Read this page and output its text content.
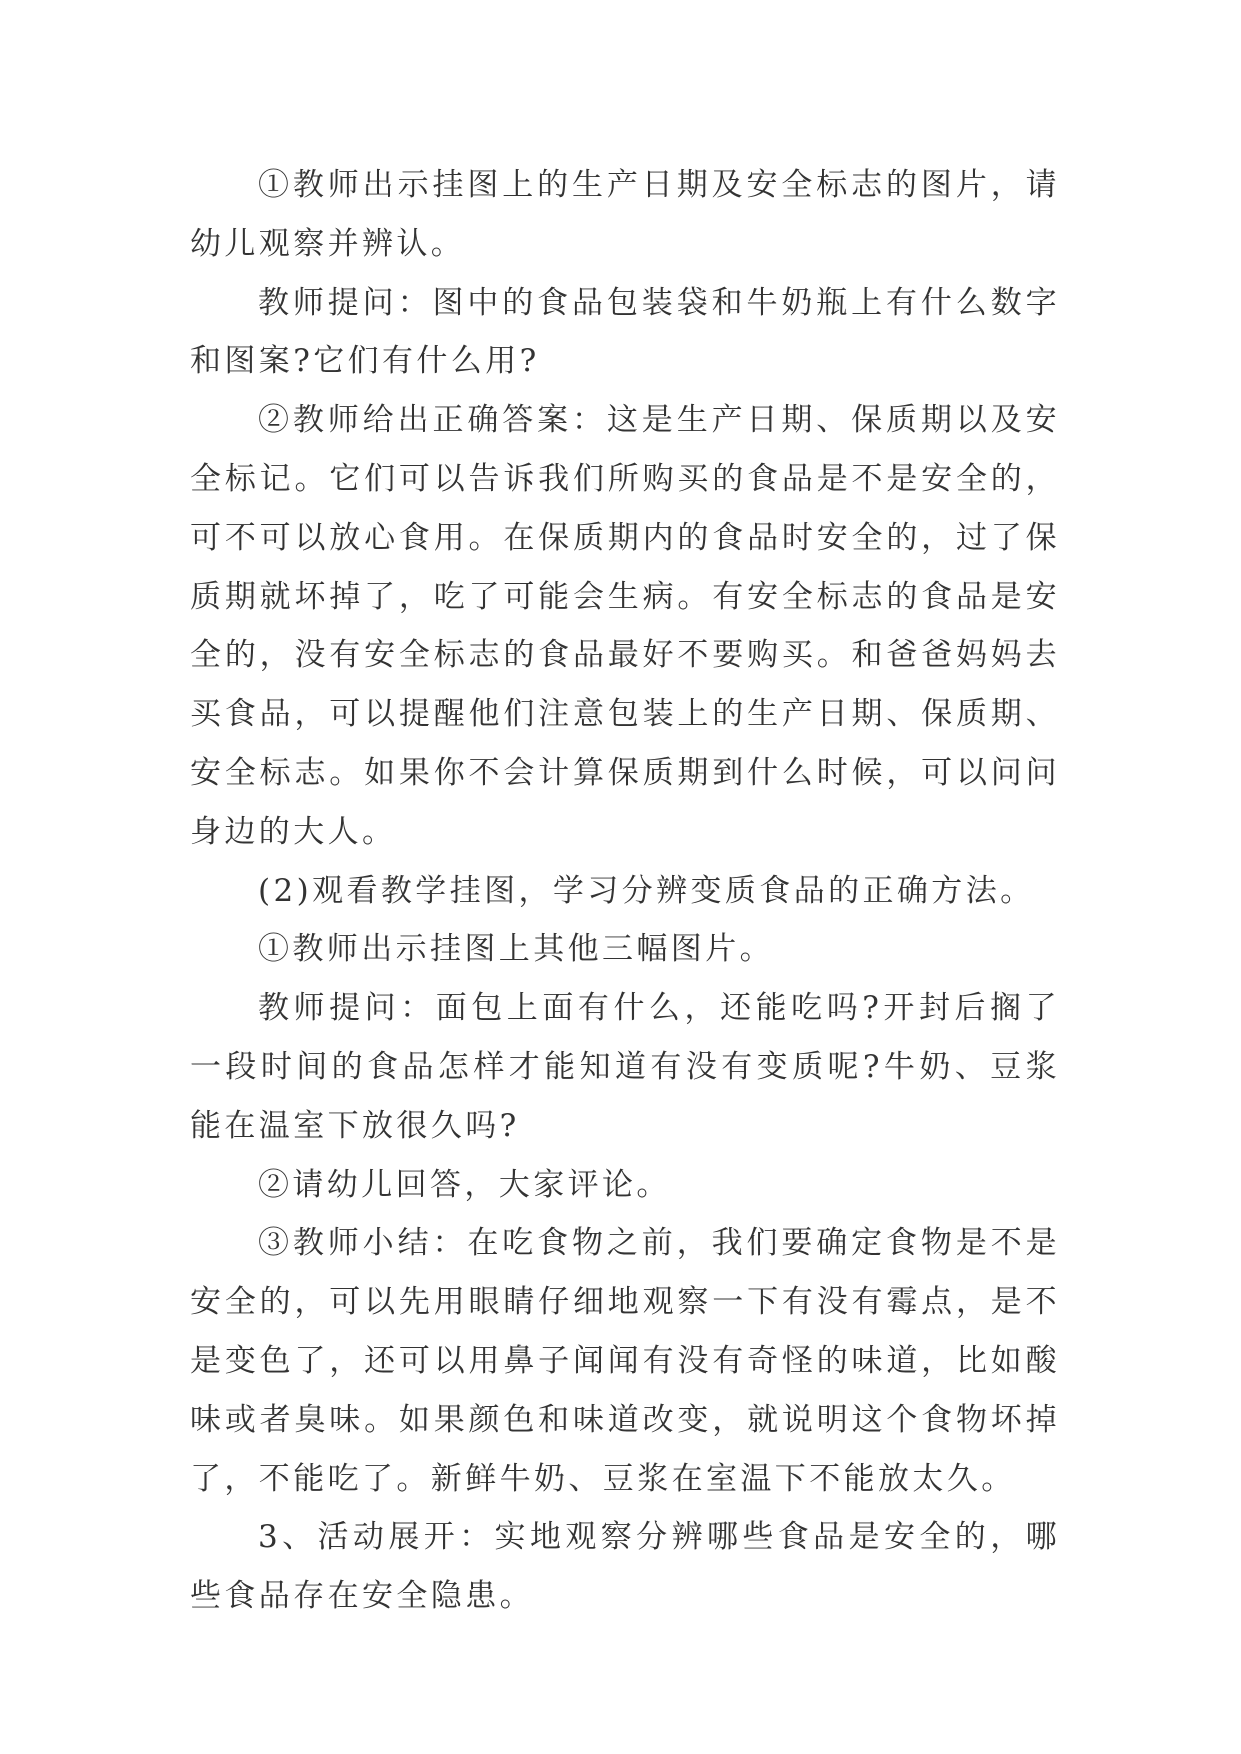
①教师出示挂图上的生产日期及安全标志的图片，请幼儿观察并辨认。

教师提问：图中的食品包装袋和牛奶瓶上有什么数字和图案?它们有什么用?

②教师给出正确答案：这是生产日期、保质期以及安全标记。它们可以告诉我们所购买的食品是不是安全的，可不可以放心食用。在保质期内的食品时安全的，过了保质期就坏掉了，吃了可能会生病。有安全标志的食品是安全的，没有安全标志的食品最好不要购买。和爸爸妈妈去买食品，可以提醒他们注意包装上的生产日期、保质期、安全标志。如果你不会计算保质期到什么时候，可以问问身边的大人。

(2)观看教学挂图，学习分辨变质食品的正确方法。

①教师出示挂图上其他三幅图片。

教师提问：面包上面有什么，还能吃吗?开封后搁了一段时间的食品怎样才能知道有没有变质呢?牛奶、豆浆能在温室下放很久吗?

②请幼儿回答，大家评论。

③教师小结：在吃食物之前，我们要确定食物是不是安全的，可以先用眼睛仔细地观察一下有没有霉点，是不是变色了，还可以用鼻子闻闻有没有奇怪的味道，比如酸味或者臭味。如果颜色和味道改变，就说明这个食物坏掉了，不能吃了。新鲜牛奶、豆浆在室温下不能放太久。

3、活动展开：实地观察分辨哪些食品是安全的，哪些食品存在安全隐患。
